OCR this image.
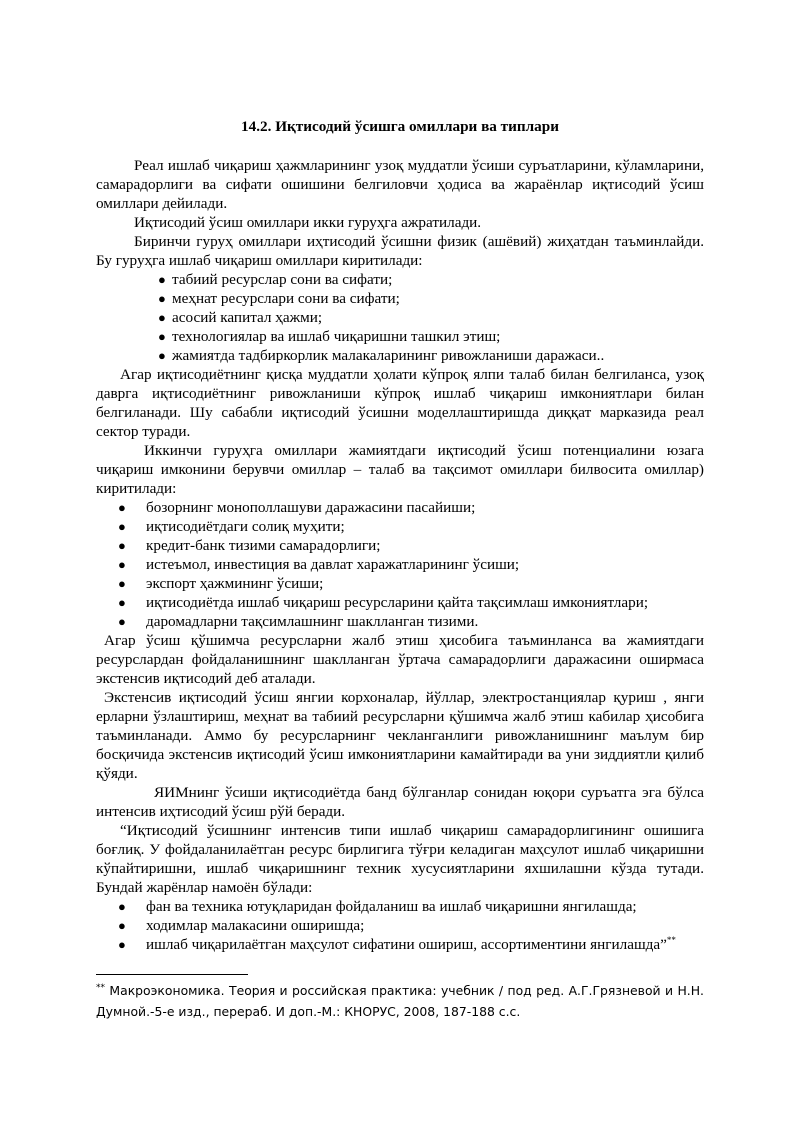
14.2. Иқтисодий ўсишга омиллари ва типлари

Реал ишлаб чиқариш ҳажмларининг узоқ муддатли ўсиши суръатларини, кўламларини, самарадорлиги ва сифати ошишини белгиловчи ҳодиса ва жараёнлар иқтисодий ўсиш омиллари дейилади.

Иқтисодий ўсиш омиллари икки гуруҳга ажратилади.

Биринчи гуруҳ омиллари иҳтисодий ўсишни физик (ашёвий) жиҳатдан таъминлайди. Бу гуруҳга ишлаб чиқариш омиллари киритилади:

● табиий ресурслар сони ва сифати;
● меҳнат ресурслари сони ва сифати;
● асосий капитал ҳажми;
● технологиялар ва ишлаб чиқаришни ташкил этиш;
● жамиятда тадбиркорлик малакаларининг ривожланиши даражаси..

Агар иқтисодиётнинг қисқа муддатли ҳолати кўпроқ ялпи талаб билан белгиланса, узоқ даврга иқтисодиётнинг ривожланиши кўпроқ ишлаб чиқариш имкониятлари билан белгиланади. Шу сабабли иқтисодий ўсишни моделлаштиришда диққат марказида реал сектор туради.

Иккинчи гуруҳга омиллари жамиятдаги иқтисодий ўсиш потенциалини юзага чиқариш имконини берувчи омиллар – талаб ва тақсимот омиллари билвосита омиллар) киритилади:

● бозорнинг монополлашуви даражасини пасайиши;
● иқтисодиётдаги солиқ муҳити;
● кредит-банк тизими самарадорлиги;
● истеъмол, инвестиция ва давлат харажатларининг ўсиши;
● экспорт ҳажмининг ўсиши;
● иқтисодиётда ишлаб чиқариш ресурсларини қайта тақсимлаш имкониятлари;
● даромадларни тақсимлашнинг шаклланган тизими.

Агар ўсиш қўшимча ресурсларни жалб этиш ҳисобига таъминланса ва жамиятдаги ресурслардан фойдаланишнинг шаклланган ўртача самарадорлиги даражасини оширмаса экстенсив иқтисодий деб аталади.

Экстенсив иқтисодий ўсиш янгии корхоналар, йўллар, электростанциялар қуриш , янги ерларни ўзлаштириш, меҳнат ва табиий ресурсларни қўшимча жалб этиш кабилар ҳисобига таъминланади. Аммо бу ресурсларнинг чекланганлиги ривожланишнинг маълум бир босқичида экстенсив иқтисодий ўсиш имкониятларини камайтиради ва уни зиддиятли қилиб қўяди.

ЯИМнинг ўсиши иқтисодиётда банд бўлганлар сонидан юқори суръатга эга бўлса интенсив иҳтисодий ўсиш рўй беради.

“Иқтисодий ўсишнинг интенсив типи ишлаб чиқариш самарадорлигининг ошишига боғлиқ. У фойдаланилаётган ресурс бирлигига тўғри келадиган маҳсулот ишлаб чиқаришни кўпайтиришни, ишлаб чиқаришнинг техник хусусиятларини яхшилашни кўзда тутади. Бундай жарёнлар намоён бўлади:

● фан ва техника ютуқларидан фойдаланиш ва ишлаб чиқаришни янгилашда;
● ходимлар малакасини оширишда;
● ишлаб чиқарилаётган маҳсулот сифатини ошириш, ассортиментини янгилашда”**
** Макроэкономика. Теория и российская практика: учебник / под ред. А.Г.Грязневой и Н.Н. Думной.-5-е изд., перераб. И доп.-М.: КНОРУС, 2008, 187-188 с.с.
